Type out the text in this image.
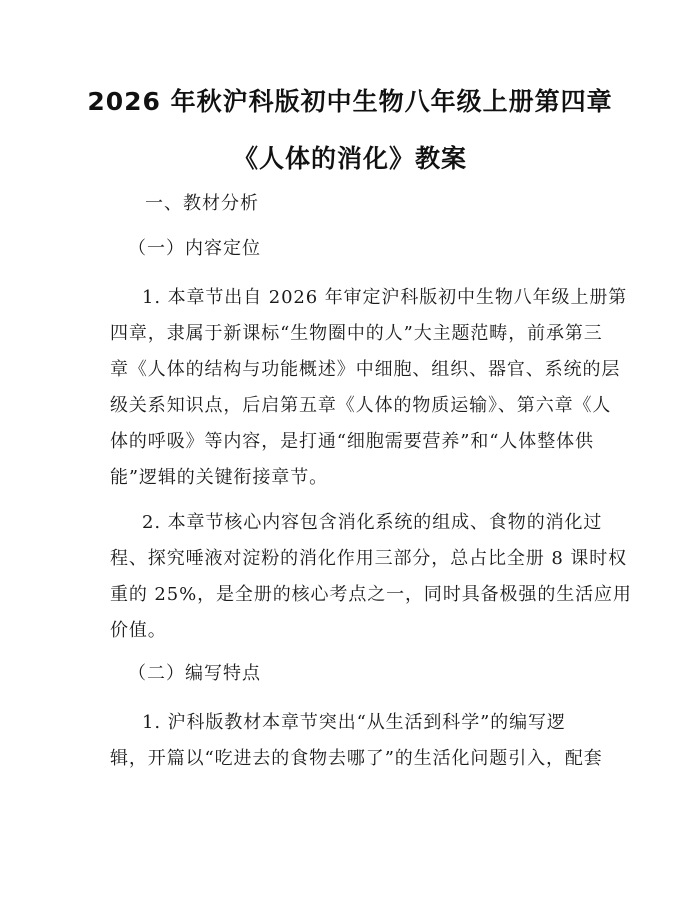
2026 年秋沪科版初中生物八年级上册第四章
《人体的消化》教案
一、教材分析
（一）内容定位
1. 本章节出自 2026 年审定沪科版初中生物八年级上册第
四章，隶属于新课标“生物圈中的人”大主题范畴，前承第三
章《人体的结构与功能概述》中细胞、组织、器官、系统的层
级关系知识点，后启第五章《人体的物质运输》、第六章《人
体的呼吸》等内容，是打通“细胞需要营养”和“人体整体供
能”逻辑的关键衔接章节。
2. 本章节核心内容包含消化系统的组成、食物的消化过
程、探究唾液对淀粉的消化作用三部分，总占比全册 8 课时权
重的 25%，是全册的核心考点之一，同时具备极强的生活应用
价值。
（二）编写特点
1. 沪科版教材本章节突出“从生活到科学”的编写逻
辑，开篇以“吃进去的食物去哪了”的生活化问题引入，配套
